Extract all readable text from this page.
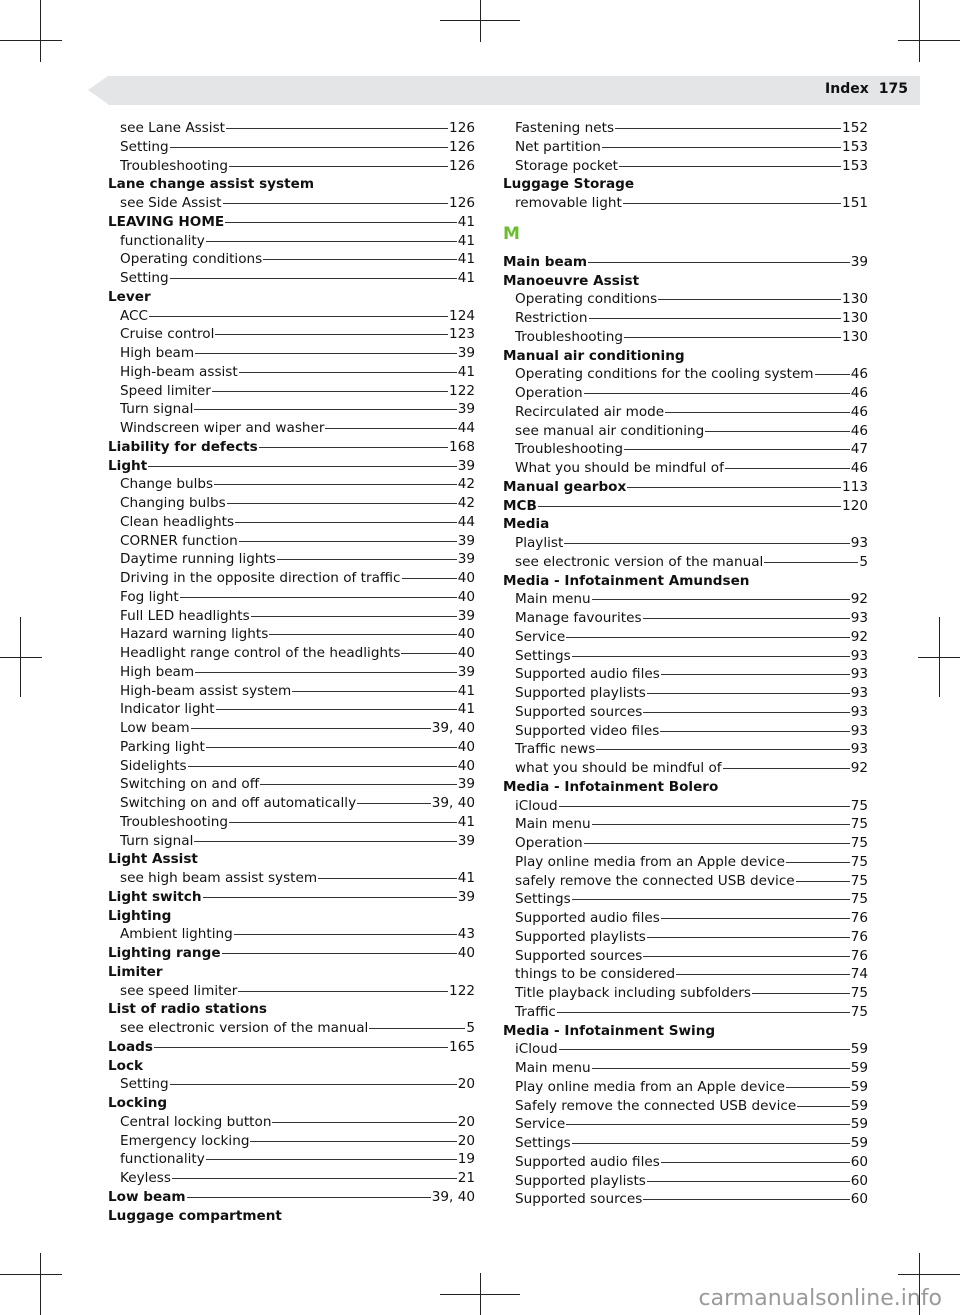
Index 175
see Lane Assist	126
Setting	126
Troubleshooting	126
Lane change assist system
see Side Assist	126
LEAVING HOME	41
functionality	41
Operating conditions	41
Setting	41
Lever
ACC	124
Cruise control	123
High beam	39
High-beam assist	41
Speed limiter	122
Turn signal	39
Windscreen wiper and washer	44
Liability for defects	168
Light	39
Change bulbs	42
Changing bulbs	42
Clean headlights	44
CORNER function	39
Daytime running lights	39
Driving in the opposite direction of traffic	40
Fog light	40
Full LED headlights	39
Hazard warning lights	40
Headlight range control of the headlights	40
High beam	39
High-beam assist system	41
Indicator light	41
Low beam	39, 40
Parking light	40
Sidelights	40
Switching on and off	39
Switching on and off automatically	39, 40
Troubleshooting	41
Turn signal	39
Light Assist
see high beam assist system	41
Light switch	39
Lighting
Ambient lighting	43
Lighting range	40
Limiter
see speed limiter	122
List of radio stations
see electronic version of the manual	5
Loads	165
Lock
Setting	20
Locking
Central locking button	20
Emergency locking	20
functionality	19
Keyless	21
Low beam	39, 40
Luggage compartment
Fastening nets	152
Net partition	153
Storage pocket	153
Luggage Storage
removable light	151
M
Main beam	39
Manoeuvre Assist
Operating conditions	130
Restriction	130
Troubleshooting	130
Manual air conditioning
Operating conditions for the cooling system	46
Operation	46
Recirculated air mode	46
see manual air conditioning	46
Troubleshooting	47
What you should be mindful of	46
Manual gearbox	113
MCB	120
Media
Playlist	93
see electronic version of the manual	5
Media - Infotainment Amundsen
Main menu	92
Manage favourites	93
Service	92
Settings	93
Supported audio files	93
Supported playlists	93
Supported sources	93
Supported video files	93
Traffic news	93
what you should be mindful of	92
Media - Infotainment Bolero
iCloud	75
Main menu	75
Operation	75
Play online media from an Apple device	75
safely remove the connected USB device	75
Settings	75
Supported audio files	76
Supported playlists	76
Supported sources	76
things to be considered	74
Title playback including subfolders	75
Traffic	75
Media - Infotainment Swing
iCloud	59
Main menu	59
Play online media from an Apple device	59
Safely remove the connected USB device	59
Service	59
Settings	59
Supported audio files	60
Supported playlists	60
Supported sources	60
carmanualsonline.info
